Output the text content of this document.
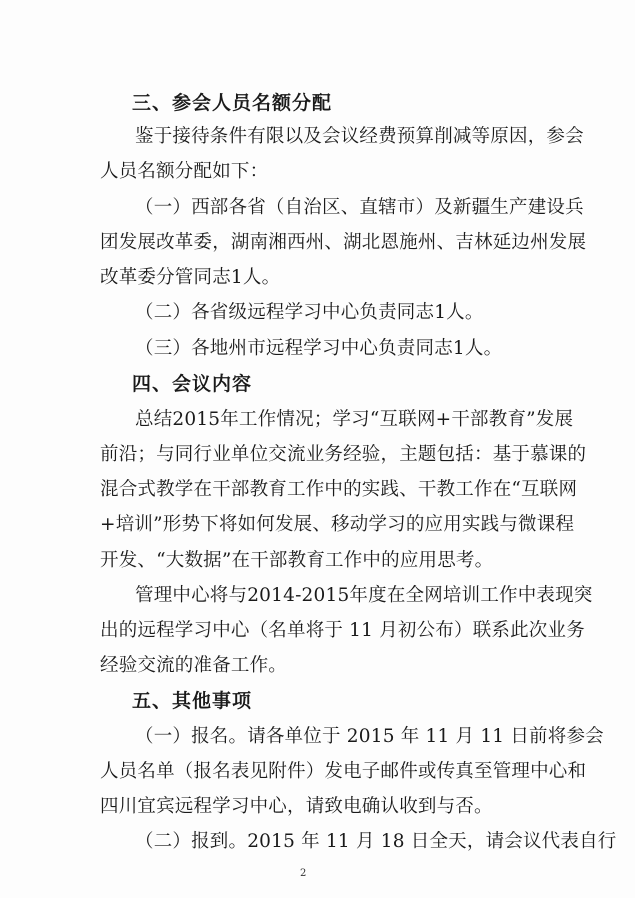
三、参会人员名额分配
鉴于接待条件有限以及会议经费预算削减等原因，参会
人员名额分配如下：
（一）西部各省（自治区、直辖市）及新疆生产建设兵
团发展改革委，湖南湘西州、湖北恩施州、吉林延边州发展
改革委分管同志1人。
（二）各省级远程学习中心负责同志1人。
（三）各地州市远程学习中心负责同志1人。
四、会议内容
总结2015年工作情况；学习“互联网+干部教育”发展
前沿；与同行业单位交流业务经验，主题包括：基于慕课的
混合式教学在干部教育工作中的实践、干教工作在“互联网
+培训”形势下将如何发展、移动学习的应用实践与微课程
开发、“大数据”在干部教育工作中的应用思考。
管理中心将与2014-2015年度在全网培训工作中表现突
出的远程学习中心（名单将于 11 月初公布）联系此次业务
经验交流的准备工作。
五、其他事项
（一）报名。请各单位于 2015 年 11 月 11 日前将参会
人员名单（报名表见附件）发电子邮件或传真至管理中心和
四川宜宾远程学习中心，请致电确认收到与否。
（二）报到。2015 年 11 月 18 日全天，请会议代表自行
2
